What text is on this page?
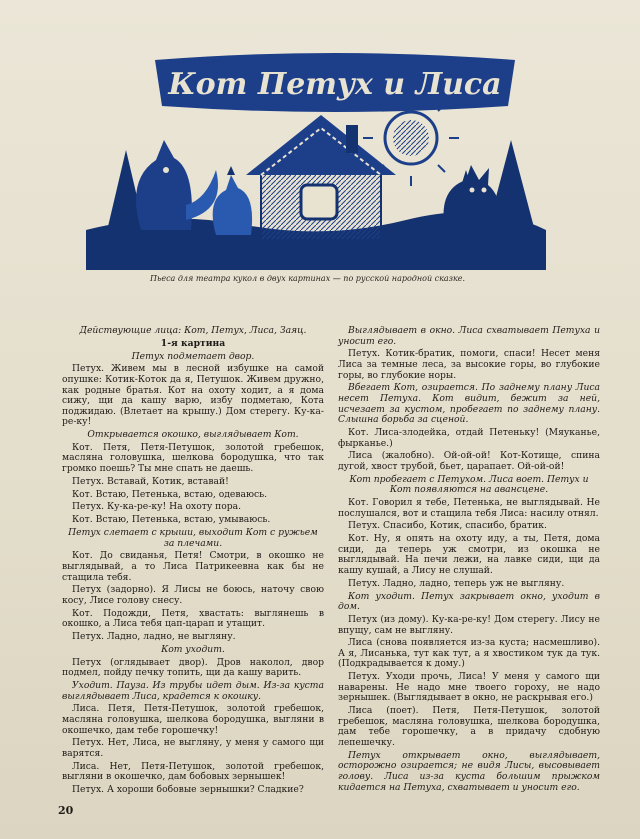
Кот Петух и Лиса
Пьеса для театра кукол в двух картинах — по русской народной сказке.

Действующие лица: Кот, Петух, Лиса, Заяц.

1-я картина

Петух подметает двор.

Петух. Живем мы в лесной избушке на самой опушке: Котик-Коток да я, Петушок. Живем дружно, как родные братья. Кот на охоту ходит, а я дома сижу, щи да кашу варю, избу подметаю, Кота поджидаю. (Влетает на крышу.) Дом стерегу. Ку-ка-ре-ку!

Открывается окошко, выглядывает Кот.

Кот. Петя, Петя-Петушок, золотой гребешок, масляна головушка, шелкова бородушка, что так громко поешь? Ты мне спать не даешь.

Петух. Вставай, Котик, вставай!

Кот. Встаю, Петенька, встаю, одеваюсь.

Петух. Ку-ка-ре-ку! На охоту пора.

Кот. Встаю, Петенька, встаю, умываюсь.

Петух слетает с крыши, выходит Кот с ружьем за плечами.

Кот. До свиданья, Петя! Смотри, в окошко не выглядывай, а то Лиса Патрикеевна как бы не стащила тебя.

Петух (задорно). Я Лисы не боюсь, наточу свою косу, Лисе голову снесу.

Кот. Подожди, Петя, хвастать: выглянешь в окошко, а Лиса тебя цап-царап и утащит.

Петух. Ладно, ладно, не выгляну.

Кот уходит.

Петух (оглядывает двор). Дров наколол, двор подмел, пойду печку топить, щи да кашу варить.

Уходит. Пауза. Из трубы идет дым. Из-за куста выглядывает Лиса, крадется к окошку.

Лиса. Петя, Петя-Петушок, золотой гребешок, масляна головушка, шелкова бородушка, выгляни в окошечко, дам тебе горошечку!

Петух. Нет, Лиса, не выгляну, у меня у самого щи варятся.

Лиса. Нет, Петя-Петушок, золотой гребешок, выгляни в окошечко, дам бобовых зернышек!

Петух. А хороши бобовые зернышки? Сладкие?

Выглядывает в окно. Лиса схватывает Петуха и уносит его.

Петух. Котик-братик, помоги, спаси! Несет меня Лиса за темные леса, за высокие горы, во глубокие горы, во глубокие норы.

Вбегает Кот, озирается. По заднему плану Лиса несет Петуха. Кот видит, бежит за ней, исчезает за кустом, пробегает по заднему плану. Слышна борьба за сценой.

Кот. Лиса-злодейка, отдай Петеньку! (Мяуканье, фырканье.)

Лиса (жалобно). Ой-ой-ой! Кот-Котище, спина дугой, хвост трубой, бьет, царапает. Ой-ой-ой!

Кот пробегает с Петухом. Лиса воет. Петух и Кот появляются на авансцене.

Кот. Говорил я тебе, Петенька, не выглядывай. Не послушался, вот и стащила тебя Лиса: насилу отнял.

Петух. Спасибо, Котик, спасибо, братик.

Кот. Ну, я опять на охоту иду, а ты, Петя, дома сиди, да теперь уж смотри, из окошка не выглядывай. На печи лежи, на лавке сиди, щи да кашу кушай, а Лису не слушай.

Петух. Ладно, ладно, теперь уж не выгляну.

Кот уходит. Петух закрывает окно, уходит в дом.

Петух (из дому). Ку-ка-ре-ку! Дом стерегу. Лису не впущу, сам не выгляну.

Лиса (снова появляется из-за куста; насмешливо). А я, Лисанька, тут как тут, а я хвостиком тук да тук. (Подкрадывается к дому.)

Петух. Уходи прочь, Лиса! У меня у самого щи наварены. Не надо мне твоего гороху, не надо зернышек. (Выглядывает в окно, не раскрывая его.)

Лиса (поет). Петя, Петя-Петушок, золотой гребешок, масляна головушка, шелкова бородушка, дам тебе горошечку, а в придачу сдобную лепешечку.

Петух открывает окно, выглядывает, осторожно озирается; не видя Лисы, высовывает голову. Лиса из-за куста большим прыжком кидается на Петуха, схватывает и уносит его.

20
